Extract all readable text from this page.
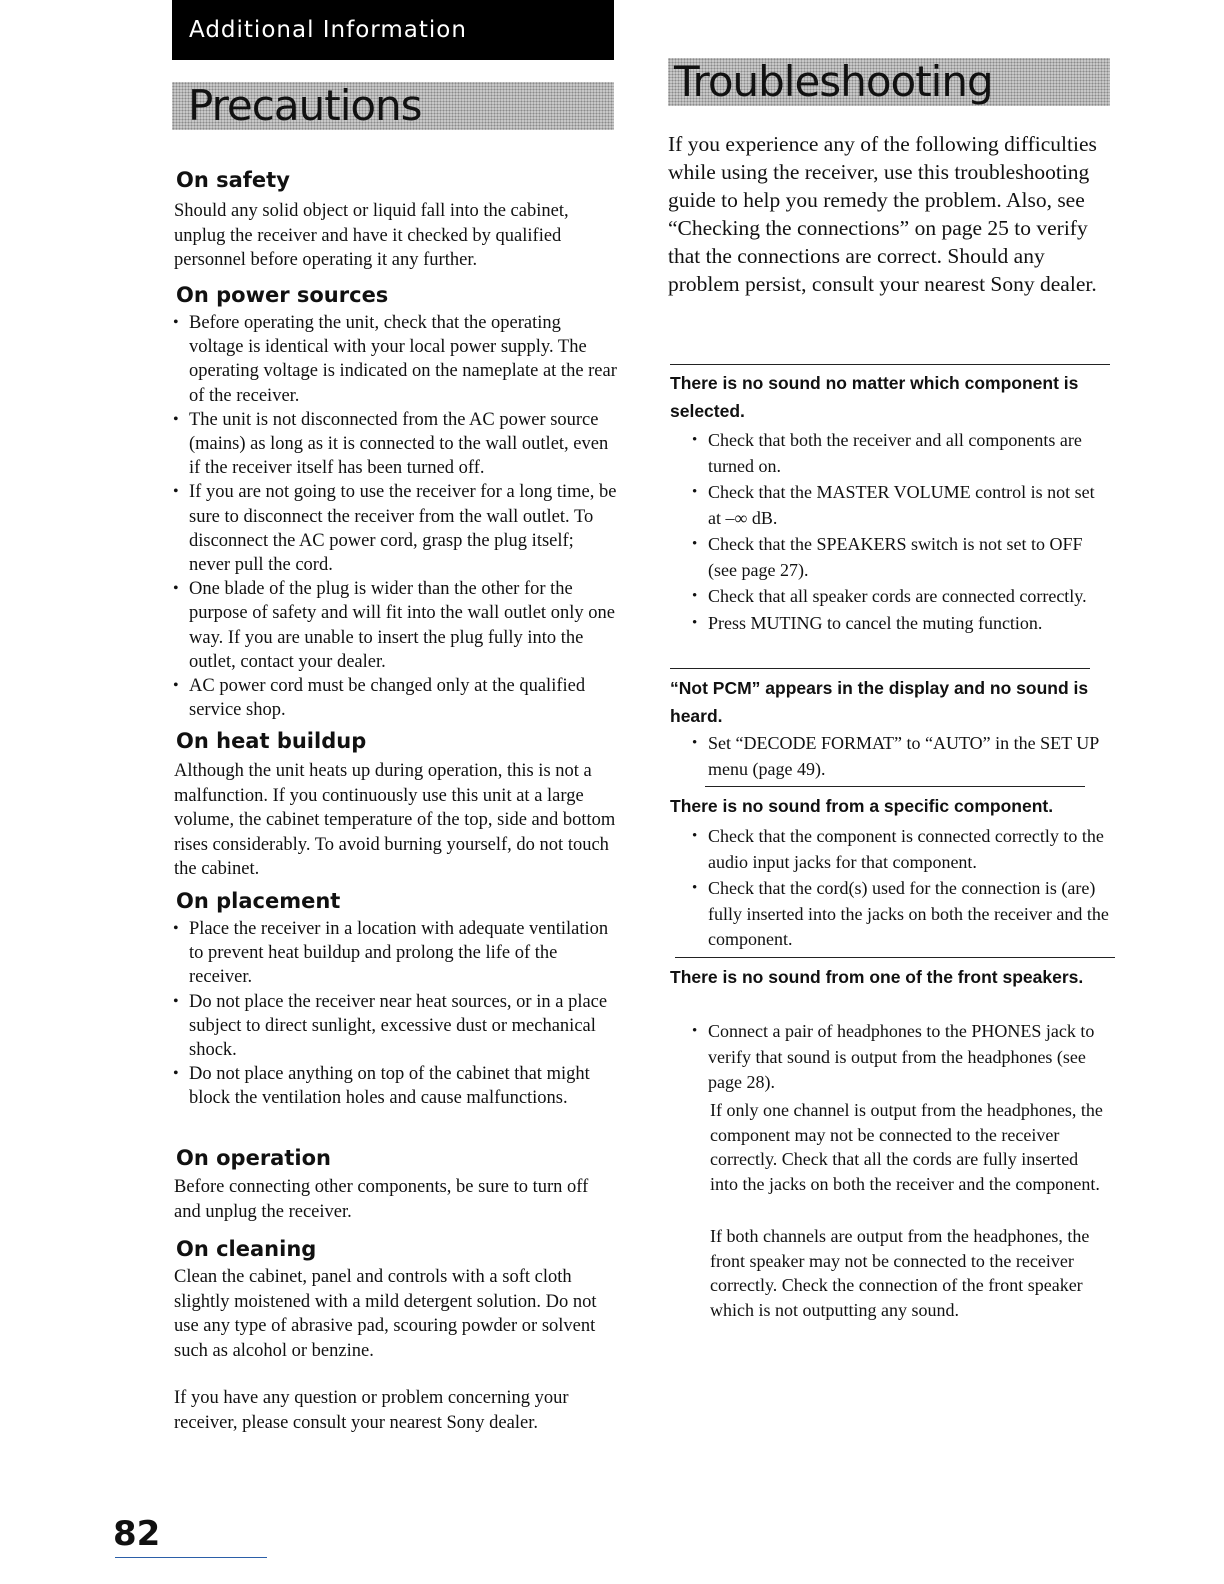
Additional Information
Precautions	Troubleshooting
On safety

Should any solid object or liquid fall into the cabinet, unplug the receiver and have it checked by qualified personnel before operating it any further.

On power sources
• Before operating the unit, check that the operating voltage is identical with your local power supply. The operating voltage is indicated on the nameplate at the rear of the receiver.
• The unit is not disconnected from the AC power source (mains) as long as it is connected to the wall outlet, even if the receiver itself has been turned off.
• If you are not going to use the receiver for a long time, be sure to disconnect the receiver from the wall outlet. To disconnect the AC power cord, grasp the plug itself; never pull the cord.
• One blade of the plug is wider than the other for the purpose of safety and will fit into the wall outlet only one way. If you are unable to insert the plug fully into the outlet, contact your dealer.
• AC power cord must be changed only at the qualified service shop.
On heat buildup

Although the unit heats up during operation, this is not a malfunction. If you continuously use this unit at a large volume, the cabinet temperature of the top, side and bottom rises considerably. To avoid burning yourself, do not touch the cabinet.

On placement
• Place the receiver in a location with adequate ventilation to prevent heat buildup and prolong the life of the receiver.
• Do not place the receiver near heat sources, or in a place subject to direct sunlight, excessive dust or mechanical shock.
• Do not place anything on top of the cabinet that might block the ventilation holes and cause malfunctions.
On operation

Before connecting other components, be sure to turn off and unplug the receiver.

On cleaning

Clean the cabinet, panel and controls with a soft cloth slightly moistened with a mild detergent solution. Do not use any type of abrasive pad, scouring powder or solvent such as alcohol or benzine.

If you have any question or problem concerning your receiver, please consult your nearest Sony dealer.

If you experience any of the following difficulties while using the receiver, use this troubleshooting guide to help you remedy the problem. Also, see “Checking the connections” on page 25 to verify that the connections are correct. Should any problem persist, consult your nearest Sony dealer.

There is no sound no matter which component is selected.

• Check that both the receiver and all components are turned on.
• Check that the MASTER VOLUME control is not set at –∞ dB.
• Check that the SPEAKERS switch is not set to OFF (see page 27).
• Check that all speaker cords are connected correctly.
• Press MUTING to cancel the muting function.

“Not PCM” appears in the display and no sound is heard.

• Set “DECODE FORMAT” to “AUTO” in the SET UP menu (page 49).

There is no sound from a specific component.

• Check that the component is connected correctly to the audio input jacks for that component.
• Check that the cord(s) used for the connection is (are) fully inserted into the jacks on both the receiver and the component.

There is no sound from one of the front speakers.

• Connect a pair of headphones to the PHONES jack to verify that sound is output from the headphones (see page 28).

If only one channel is output from the headphones, the component may not be connected to the receiver correctly. Check that all the cords are fully inserted into the jacks on both the receiver and the component.

If both channels are output from the headphones, the front speaker may not be connected to the receiver correctly. Check the connection of the front speaker which is not outputting any sound.

82
